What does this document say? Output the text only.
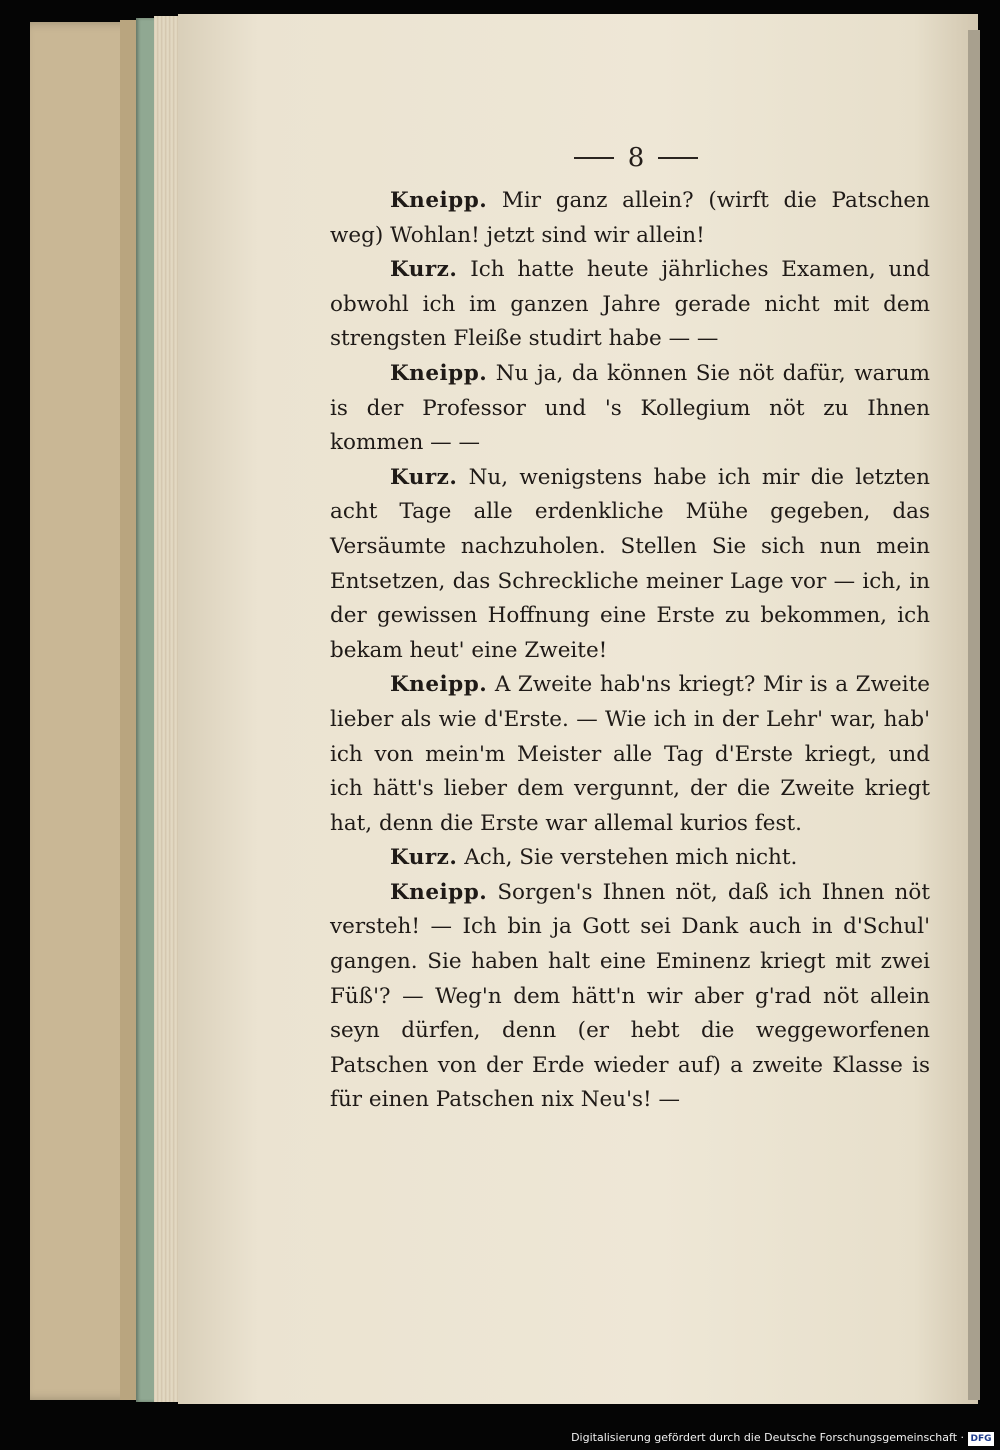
8

Kneipp. Mir ganz allein? (wirft die Patschen weg) Wohlan! jetzt sind wir allein!

Kurz. Ich hatte heute jährliches Examen, und obwohl ich im ganzen Jahre gerade nicht mit dem strengsten Fleiße studirt habe — —

Kneipp. Nu ja, da können Sie nöt dafür, warum is der Professor und 's Kollegium nöt zu Ihnen kommen — —

Kurz. Nu, wenigstens habe ich mir die letzten acht Tage alle erdenkliche Mühe gegeben, das Versäumte nachzuholen. Stellen Sie sich nun mein Entsetzen, das Schreckliche meiner Lage vor — ich, in der gewissen Hoffnung eine Erste zu bekommen, ich bekam heut' eine Zweite!

Kneipp. A Zweite hab'ns kriegt? Mir is a Zweite lieber als wie d'Erste. — Wie ich in der Lehr' war, hab' ich von mein'm Meister alle Tag d'Erste kriegt, und ich hätt's lieber dem vergunnt, der die Zweite kriegt hat, denn die Erste war allemal kurios fest.

Kurz. Ach, Sie verstehen mich nicht.

Kneipp. Sorgen's Ihnen nöt, daß ich Ihnen nöt versteh! — Ich bin ja Gott sei Dank auch in d'Schul' gangen. Sie haben halt eine Eminenz kriegt mit zwei Füß'? — Weg'n dem hätt'n wir aber g'rad nöt allein seyn dürfen, denn (er hebt die weggeworfenen Patschen von der Erde wieder auf) a zweite Klasse is für einen Patschen nix Neu's! —

Digitalisierung gefördert durch die Deutsche Forschungsgemeinschaft · DFG
